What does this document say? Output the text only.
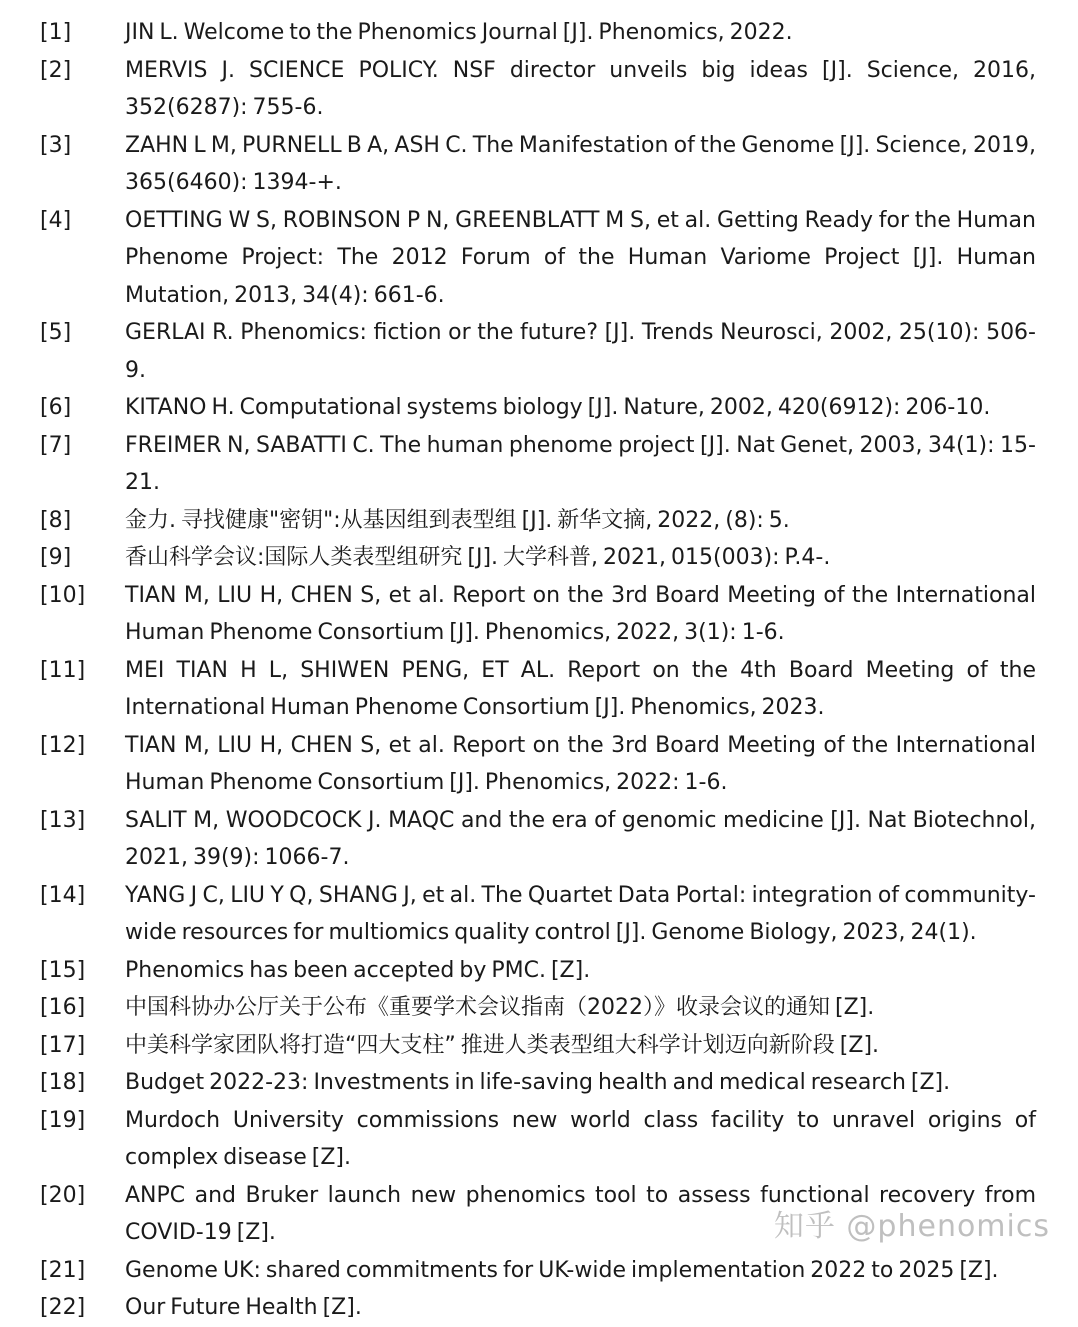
[1]	JIN L. Welcome to the Phenomics Journal [J]. Phenomics, 2022.
[2]	MERVIS J. SCIENCE POLICY. NSF director unveils big ideas [J]. Science, 2016, 352(6287): 755-6.
[3]	ZAHN L M, PURNELL B A, ASH C. The Manifestation of the Genome [J]. Science, 2019, 365(6460): 1394-+.
[4]	OETTING W S, ROBINSON P N, GREENBLATT M S, et al. Getting Ready for the Human Phenome Project: The 2012 Forum of the Human Variome Project [J]. Human Mutation, 2013, 34(4): 661-6.
[5]	GERLAI R. Phenomics: fiction or the future? [J]. Trends Neurosci, 2002, 25(10): 506-9.
[6]	KITANO H. Computational systems biology [J]. Nature, 2002, 420(6912): 206-10.
[7]	FREIMER N, SABATTI C. The human phenome project [J]. Nat Genet, 2003, 34(1): 15-21.
[8]	金力. 寻找健康"密钥":从基因组到表型组 [J]. 新华文摘, 2022, (8): 5.
[9]	香山科学会议:国际人类表型组研究 [J]. 大学科普, 2021, 015(003): P.4-.
[10]	TIAN M, LIU H, CHEN S, et al. Report on the 3rd Board Meeting of the International Human Phenome Consortium [J]. Phenomics, 2022, 3(1): 1-6.
[11]	MEI TIAN H L, SHIWEN PENG, ET AL. Report on the 4th Board Meeting of the International Human Phenome Consortium [J]. Phenomics, 2023.
[12]	TIAN M, LIU H, CHEN S, et al. Report on the 3rd Board Meeting of the International Human Phenome Consortium [J]. Phenomics, 2022: 1-6.
[13]	SALIT M, WOODCOCK J. MAQC and the era of genomic medicine [J]. Nat Biotechnol, 2021, 39(9): 1066-7.
[14]	YANG J C, LIU Y Q, SHANG J, et al. The Quartet Data Portal: integration of community-wide resources for multiomics quality control [J]. Genome Biology, 2023, 24(1).
[15]	Phenomics has been accepted by PMC. [Z].
[16]	中国科协办公厅关于公布《重要学术会议指南（2022）》收录会议的通知 [Z].
[17]	中美科学家团队将打造“四大支柱” 推进人类表型组大科学计划迈向新阶段 [Z].
[18]	Budget 2022-23: Investments in life-saving health and medical research [Z].
[19]	Murdoch University commissions new world class facility to unravel origins of complex disease [Z].
[20]	ANPC and Bruker launch new phenomics tool to assess functional recovery from COVID-19 [Z].
[21]	Genome UK: shared commitments for UK-wide implementation 2022 to 2025 [Z].
[22]	Our Future Health [Z].
知乎 @phenomics
